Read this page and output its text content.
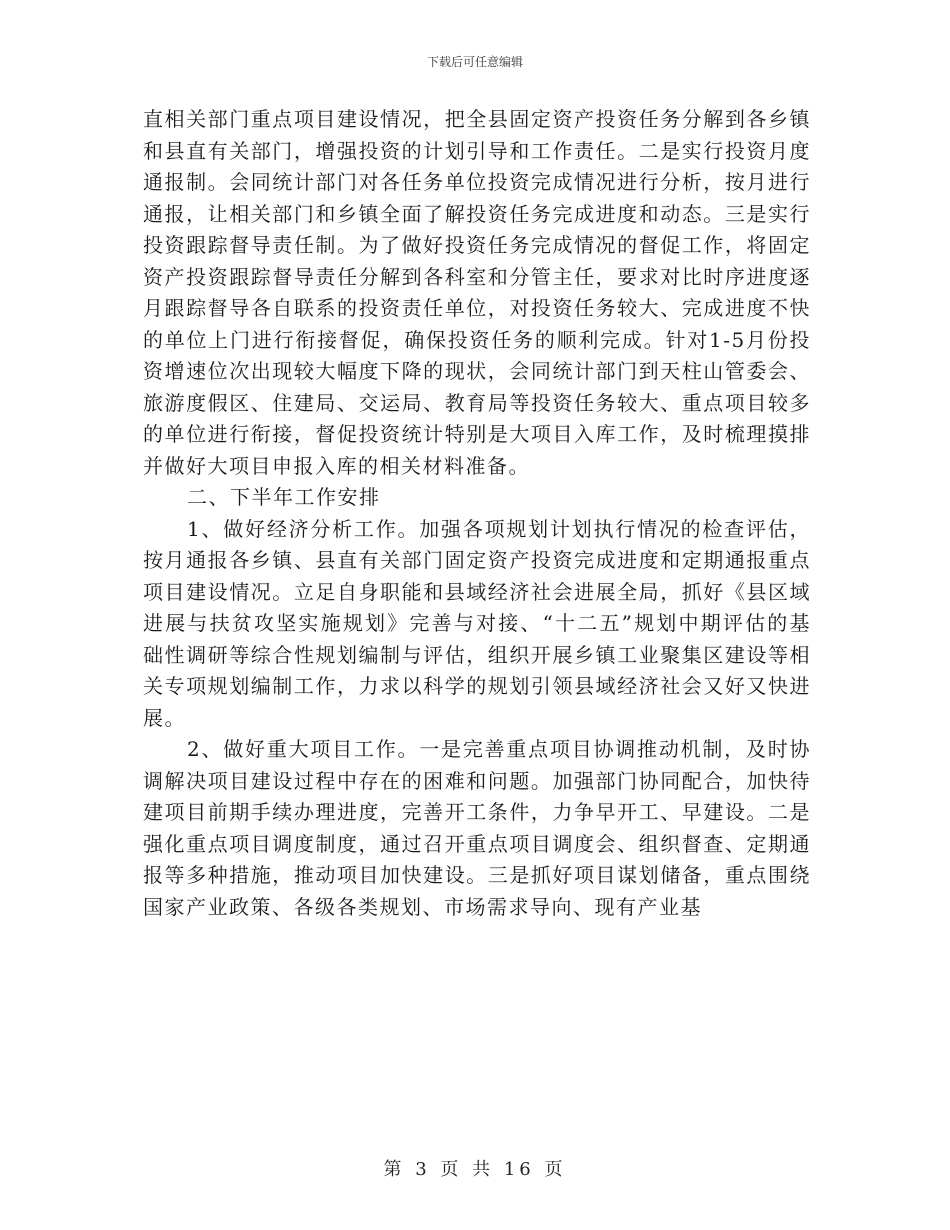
下载后可任意编辑

直相关部门重点项目建设情况，把全县固定资产投资任务分解到各乡镇和县直有关部门，增强投资的计划引导和工作责任。二是实行投资月度通报制。会同统计部门对各任务单位投资完成情况进行分析，按月进行通报，让相关部门和乡镇全面了解投资任务完成进度和动态。三是实行投资跟踪督导责任制。为了做好投资任务完成情况的督促工作，将固定资产投资跟踪督导责任分解到各科室和分管主任，要求对比时序进度逐月跟踪督导各自联系的投资责任单位，对投资任务较大、完成进度不快的单位上门进行衔接督促，确保投资任务的顺利完成。针对1-5月份投资增速位次出现较大幅度下降的现状，会同统计部门到天柱山管委会、旅游度假区、住建局、交运局、教育局等投资任务较大、重点项目较多的单位进行衔接，督促投资统计特别是大项目入库工作，及时梳理摸排并做好大项目申报入库的相关材料准备。

二、下半年工作安排

1、做好经济分析工作。加强各项规划计划执行情况的检查评估，按月通报各乡镇、县直有关部门固定资产投资完成进度和定期通报重点项目建设情况。立足自身职能和县域经济社会进展全局，抓好《县区域进展与扶贫攻坚实施规划》完善与对接、“十二五”规划中期评估的基础性调研等综合性规划编制与评估，组织开展乡镇工业聚集区建设等相关专项规划编制工作，力求以科学的规划引领县域经济社会又好又快进展。

2、做好重大项目工作。一是完善重点项目协调推动机制，及时协调解决项目建设过程中存在的困难和问题。加强部门协同配合，加快待建项目前期手续办理进度，完善开工条件，力争早开工、早建设。二是强化重点项目调度制度，通过召开重点项目调度会、组织督查、定期通报等多种措施，推动项目加快建设。三是抓好项目谋划储备，重点围绕国家产业政策、各级各类规划、市场需求导向、现有产业基

第 3 页 共 16 页
